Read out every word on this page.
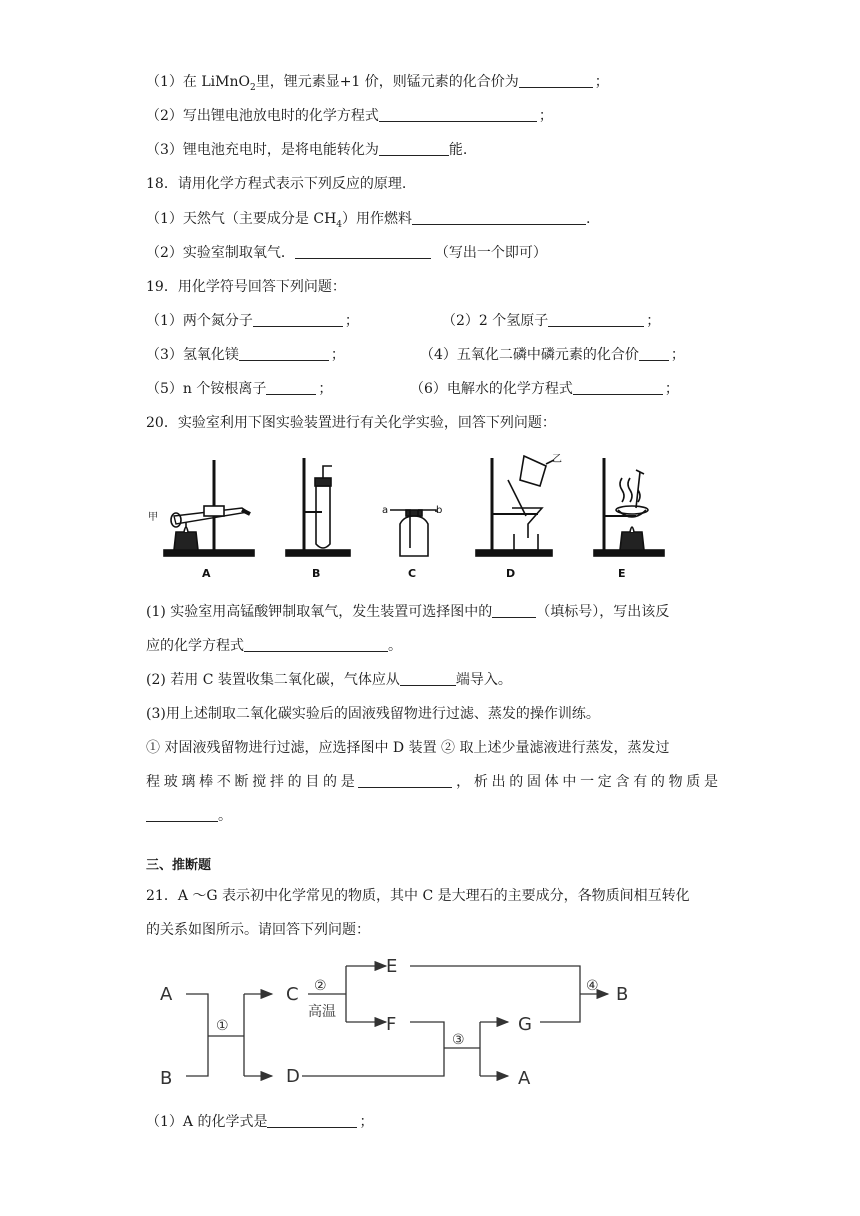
（1）在 LiMnO$_2$里，锂元素显+1 价，则锰元素的化合价为	；
（2）写出锂电池放电时的化学方程式	；
（3）锂电池充电时，是将电能转化为	能.
18．请用化学方程式表示下列反应的原理.
（1）天然气（主要成分是 $CH_4$）用作燃料	.
（2）实验室制取氧气．	（写出一个即可）
19．用化学符号回答下列问题：
（1）两个氮分子	；	（2）2 个氢原子	；
（3）氢氧化镁	；	（4）五氧化二磷中磷元素的化合价 ；
（5）n 个铵根离子	；	（6）电解水的化学方程式	；
20．实验室利用下图实验装置进行有关化学实验，回答下列问题：
A	B	C	D	E
甲
乙
a	b
(1) 实验室用高锰酸钾制取氧气，发生装置可选择图中的	（填标号），写出该反
应的化学方程式	。
(2) 若用 C 装置收集二氧化碳，气体应从	端导入。
(3)用上述制取二氧化碳实验后的固液残留物进行过滤、蒸发的操作训练。
① 对固液残留物进行过滤，应选择图中 D 装置 ② 取上述少量滤液进行蒸发，蒸发过
程玻璃棒不断搅拌的目的是	，析出的固体中一定含有的物质是
。
三、推断题
21．A ～G 表示初中化学常见的物质，其中 C 是大理石的主要成分，各物质间相互转化
的关系如图所示。请回答下列问题：
A
B
C
D
E
F	G
A
B
①
②
③
④
高温
（1）A 的化学式是	；
